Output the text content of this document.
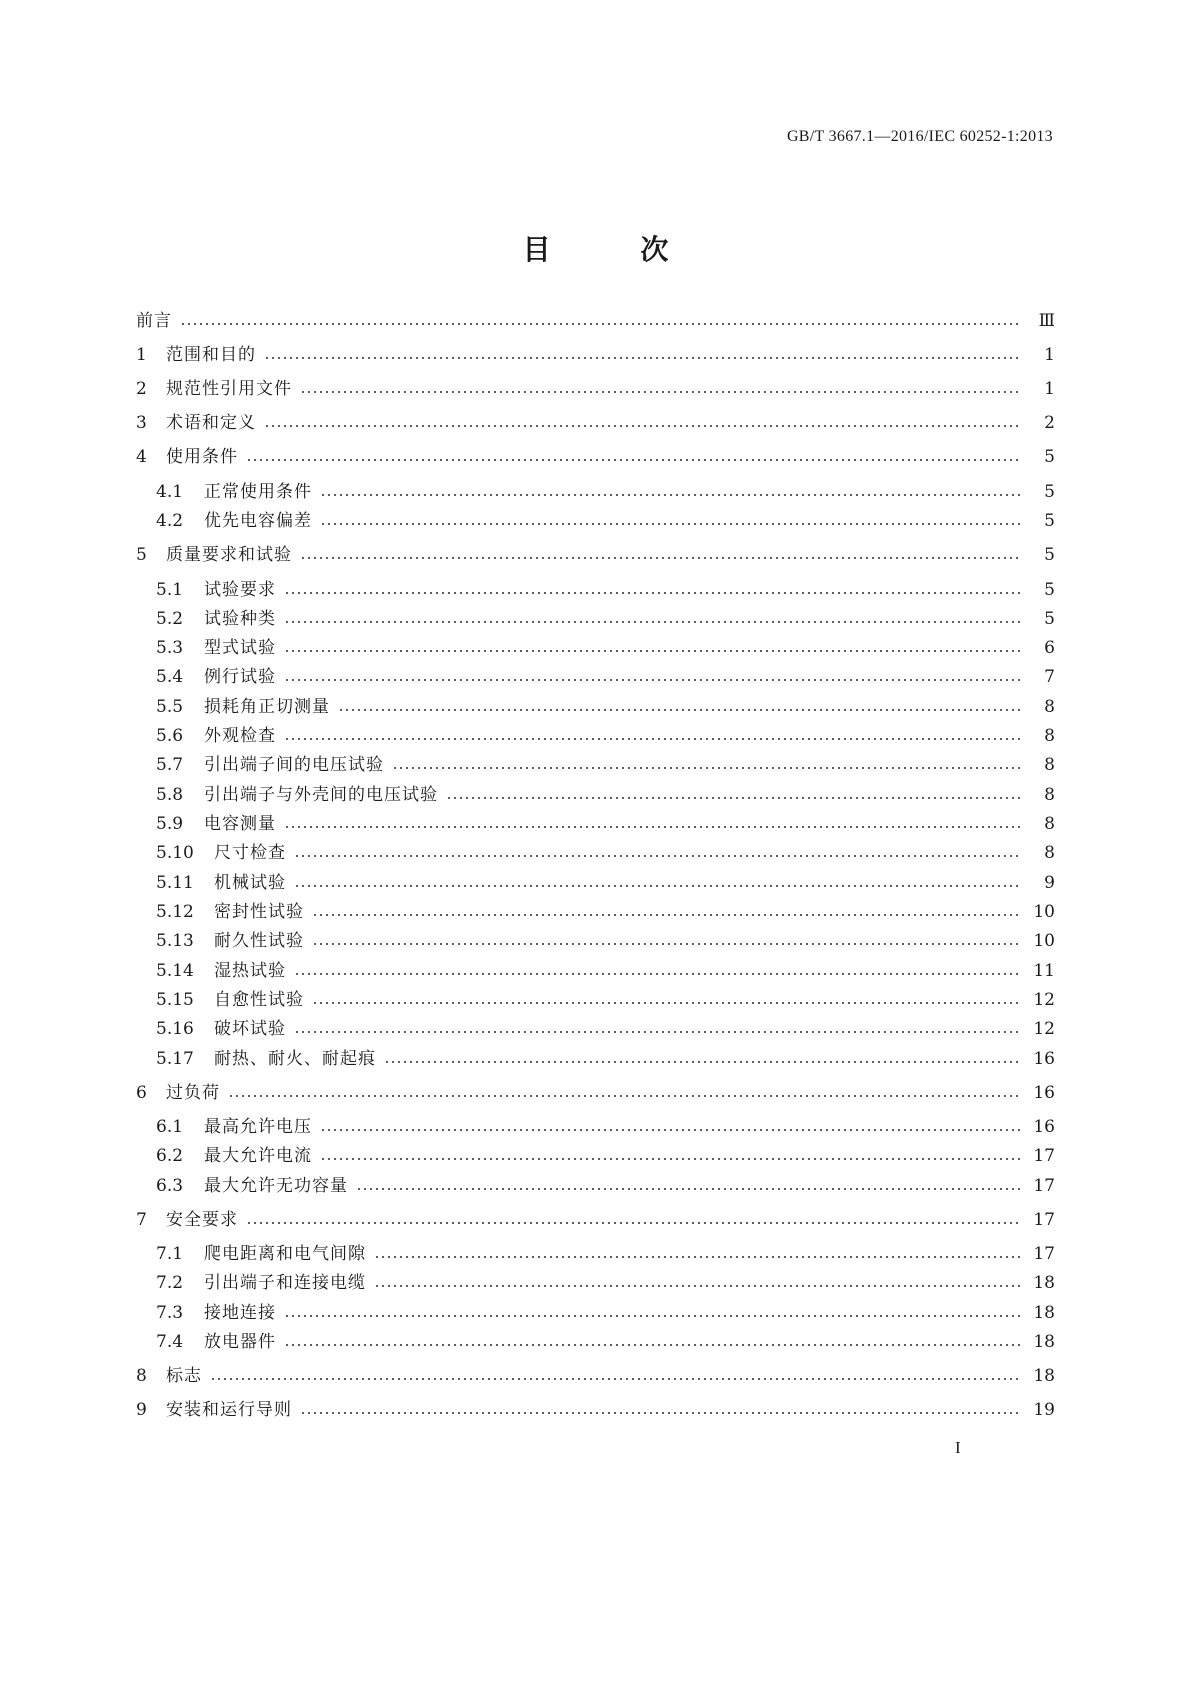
GB/T 3667.1—2016/IEC 60252-1:2013
目 次
前言	Ⅲ
1	范围和目的	1
2	规范性引用文件	1
3	术语和定义	2
4	使用条件	5
4.1	正常使用条件	5
4.2	优先电容偏差	5
5	质量要求和试验	5
5.1	试验要求	5
5.2	试验种类	5
5.3	型式试验	6
5.4	例行试验	7
5.5	损耗角正切测量	8
5.6	外观检查	8
5.7	引出端子间的电压试验	8
5.8	引出端子与外壳间的电压试验	8
5.9	电容测量	8
5.10	尺寸检查	8
5.11	机械试验	9
5.12	密封性试验	10
5.13	耐久性试验	10
5.14	湿热试验	11
5.15	自愈性试验	12
5.16	破坏试验	12
5.17	耐热、耐火、耐起痕	16
6	过负荷	16
6.1	最高允许电压	16
6.2	最大允许电流	17
6.3	最大允许无功容量	17
7	安全要求	17
7.1	爬电距离和电气间隙	17
7.2	引出端子和连接电缆	18
7.3	接地连接	18
7.4	放电器件	18
8	标志	18
9	安装和运行导则	19
I
